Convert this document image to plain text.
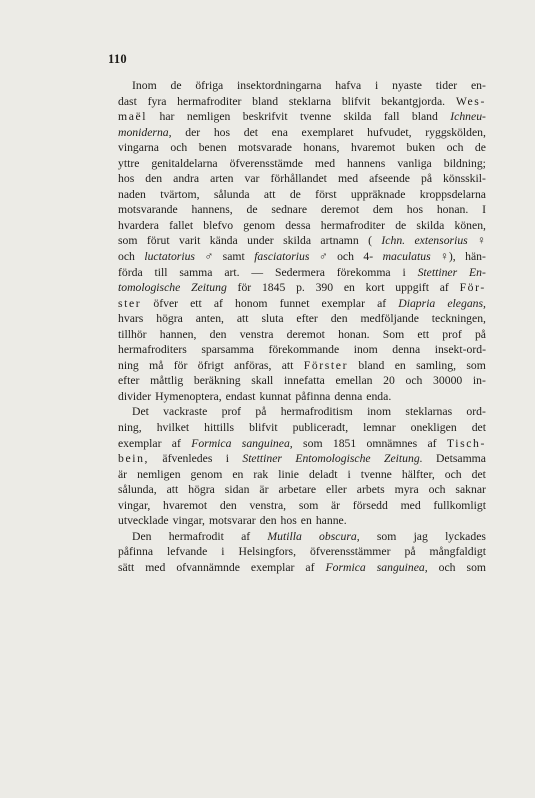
110
Inom de öfriga insektordningarna hafva i nyaste tider en-
dast fyra hermafroditer bland steklarna blifvit bekantgjorda. Wes-
maël har nemligen beskrifvit tvenne skilda fall bland Ichneu-
moniderna, der hos det ena exemplaret hufvudet, ryggskölden,
vingarna och benen motsvarade honans, hvaremot buken och de
yttre genitaldelarna öfverensstämde med hannens vanliga bildning;
hos den andra arten var förhållandet med afseende på könsskil-
naden tvärtom, sålunda att de först uppräknade kroppsdelarna
motsvarande hannens, de sednare deremot dem hos honan. I
hvardera fallet blefvo genom dessa hermafroditer de skilda könen,
som förut varit kända under skilda artnamn ( Ichn. extensorius ♀
och luctatorius ♂ samt fasciatorius ♂ och 4- maculatus ♀), hän-
förda till samma art. — Sedermera förekomma i Stettiner En-
tomologische Zeitung för 1845 p. 390 en kort uppgift af För-
ster öfver ett af honom funnet exemplar af Diapria elegans,
hvars högra anten, att sluta efter den medföljande teckningen,
tillhör hannen, den venstra deremot honan. Som ett prof på
hermafroditers sparsamma förekommande inom denna insekt-ord-
ning må för öfrigt anföras, att Förster bland en samling, som
efter måttlig beräkning skall innefatta emellan 20 och 30000 in-
divider Hymenoptera, endast kunnat påfinna denna enda.
Det vackraste prof på hermafroditism inom steklarnas ord-
ning, hvilket hittills blifvit publiceradt, lemnar onekligen det
exemplar af Formica sanguinea, som 1851 omnämnes af Tisch-
bein, äfvenledes i Stettiner Entomologische Zeitung. Detsamma
är nemligen genom en rak linie deladt i tvenne hälfter, och det
sålunda, att högra sidan är arbetare eller arbets myra och saknar
vingar, hvaremot den venstra, som är försedd med fullkomligt
utvecklade vingar, motsvarar den hos en hanne.
Den hermafrodit af Mutilla obscura, som jag lyckades
påfinna lefvande i Helsingfors, öfverensstämmer på mångfaldigt
sätt med ofvannämnde exemplar af Formica sanguinea, och som
